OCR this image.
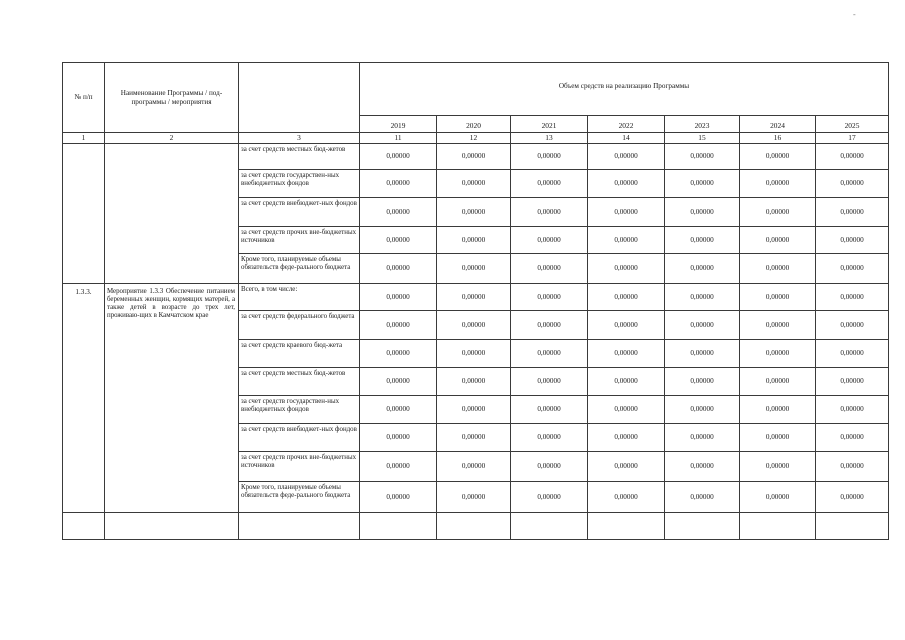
-
№ п/п	Наименование Программы / под-программы / мероприятия		Объем средств на реализацию Программы						
			2019	2020	2021	2022	2023	2024	2025
1	2	3	11	12	13	14	15	16	17
		за счет средств местных бюд-жетов	0,00000	0,00000	0,00000	0,00000	0,00000	0,00000	0,00000
		за счет средств государствен-ных внебюджетных фондов	0,00000	0,00000	0,00000	0,00000	0,00000	0,00000	0,00000
		за счет средств внебюджет-ных фондов	0,00000	0,00000	0,00000	0,00000	0,00000	0,00000	0,00000
		за счет средств прочих вне-бюджетных источников	0,00000	0,00000	0,00000	0,00000	0,00000	0,00000	0,00000
		Кроме того, планируемые объемы обязательств феде-рального бюджета	0,00000	0,00000	0,00000	0,00000	0,00000	0,00000	0,00000
1.3.3.	Мероприятие 1.3.3 Обеспечение питанием беременных женщин, кормящих матерей, а также детей в возрасте до трех лет, проживаю-щих в Камчатском крае	Всего, в том числе:	0,00000	0,00000	0,00000	0,00000	0,00000	0,00000	0,00000
		за счет средств федерального бюджета	0,00000	0,00000	0,00000	0,00000	0,00000	0,00000	0,00000
		за счет средств краевого бюд-жета	0,00000	0,00000	0,00000	0,00000	0,00000	0,00000	0,00000
		за счет средств местных бюд-жетов	0,00000	0,00000	0,00000	0,00000	0,00000	0,00000	0,00000
		за счет средств государствен-ных внебюджетных фондов	0,00000	0,00000	0,00000	0,00000	0,00000	0,00000	0,00000
		за счет средств внебюджет-ных фондов	0,00000	0,00000	0,00000	0,00000	0,00000	0,00000	0,00000
		за счет средств прочих вне-бюджетных источников	0,00000	0,00000	0,00000	0,00000	0,00000	0,00000	0,00000
		Кроме того, планируемые объемы обязательств феде-рального бюджета	0,00000	0,00000	0,00000	0,00000	0,00000	0,00000	0,00000
